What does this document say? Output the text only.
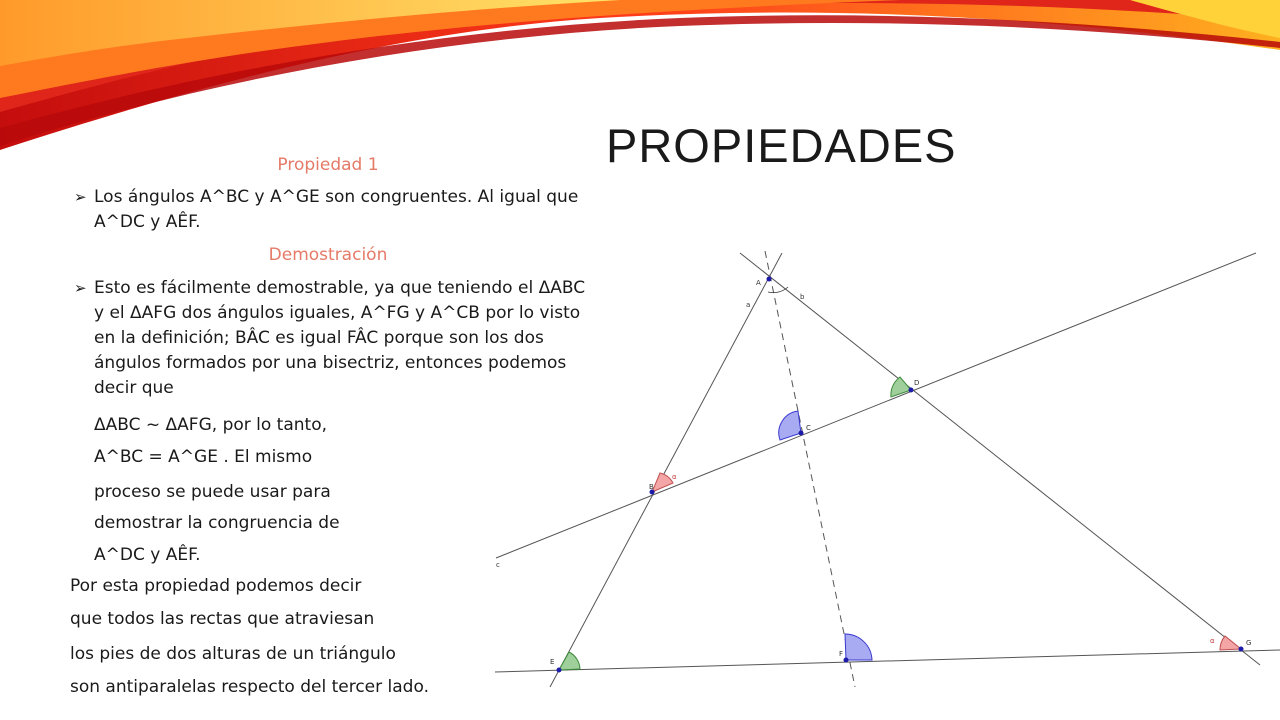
PROPIEDADES
Propiedad 1
➢ Los ángulos A^BC y A^GE son congruentes. Al igual que A^DC y AÊF.
Demostración
➢ Esto es fácilmente demostrable, ya que teniendo el ΔABC y el ΔAFG dos ángulos iguales, A^FG y A^CB por lo visto en la definición; BÂC es igual FÂC porque son los dos ángulos formados por una bisectriz, entonces podemos decir que
ΔABC ~ ΔAFG, por lo tanto,
A^BC = A^GE . El mismo
proceso se puede usar para
demostrar la congruencia de
A^DC y AÊF.
Por esta propiedad podemos decir
que todos las rectas que atraviesan
los pies de dos alturas de un triángulo
son antiparalelas respecto del tercer lado.
A
B
C
D
E
F
G
a
b
c
α
α
